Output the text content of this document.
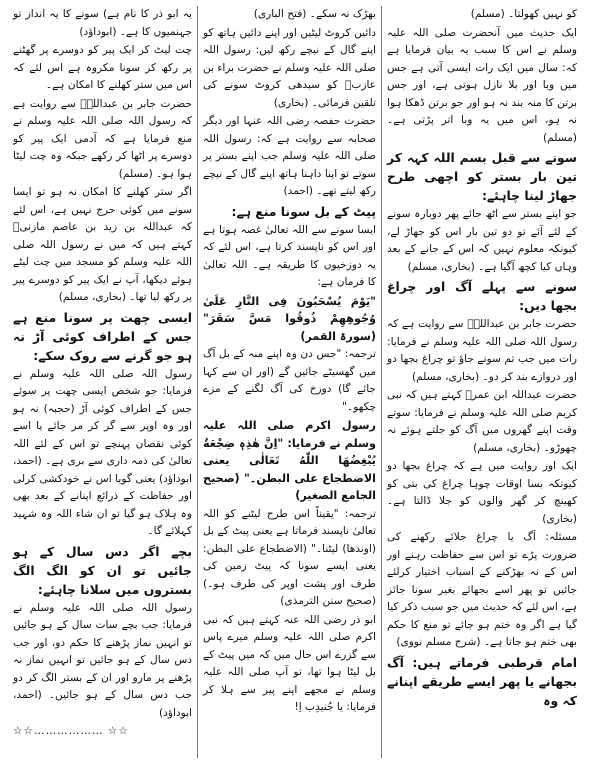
کو نہیں کھولتا۔ (مسلم)

ایک حدیث میں آنحضرت صلی اللہ علیہ وسلم نے اس کا سبب یہ بیان فرمایا ہے کہ: سال میں ایک رات ایسی آتی ہے جس میں وبا اور بلا نازل ہوتی ہے، اور جس برتن کا منہ بند نہ ہو اور جو برتن ڈھکا ہوا نہ ہو، اس میں یہ وبا اتر پڑتی ہے۔ (مسلم)

سونے سے قبل بسم اللہ کہہ کر تین بار بستر کو اچھی طرح جھاڑ لینا چاہئے:

جو اپنے بستر سے اٹھ جائے پھر دوبارہ سونے کے لئے آئے تو دو تین بار اس کو جھاڑ لے، کیونکہ معلوم نہیں کہ اس کے جانے کے بعد وہاں کیا کچھ آگیا ہے۔ (بخاری، مسلم)

سونے سے پہلے آگ اور چراغ بجھا دیں:

حضرت جابر بن عبداللہؓ سے روایت ہے کہ رسول اللہ صلی اللہ علیہ وسلم نے فرمایا: رات میں جب تم سونے جاؤ تو چراغ بجھا دو اور دروازے بند کر دو۔ (بخاری، مسلم)

حضرت عبداللہ ابن عمرؓ کہتے ہیں کہ نبی کریم صلی اللہ علیہ وسلم نے فرمایا: سوتے وقت اپنے گھروں میں آگ کو جلتے ہوئے نہ چھوڑو۔ (بخاری، مسلم)

ایک اور روایت میں ہے کہ چراغ بجھا دو کیونکہ بسا اوقات چوہا چراغ کی بتی کو کھینچ کر گھر والوں کو جلا ڈالتا ہے۔ (بخاری)

مسئلہ: آگ یا چراغ جلائے رکھنے کی ضرورت پڑے تو اس سے حفاظت رہنے اور اس کے نہ بھڑکنے کے اسباب اختیار کرلئے جائیں تو پھر اسے بجھائے بغیر سونا جائز ہے، اس لئے کہ حدیث میں جو سبب ذکر کیا گیا ہے اگر وہ ختم ہو جائے تو منع کا حکم بھی ختم ہو جاتا ہے۔ (شرح مسلم نووی)

امام قرطبی فرماتے ہیں: آگ بجھانے یا پھر ایسے طریقے اپنانے کہ وہ

بھڑک نہ سکے۔ (فتح الباری)

دائیں کروٹ لیٹیں اور اپنے دائیں ہاتھ کو اپنے گال کے نیچے رکھ لیں: رسول اللہ صلی اللہ علیہ وسلم نے حضرت براء بن عازبؓ کو سیدھی کروٹ سونے کی تلقین فرمائی۔ (بخاری)

حضرت حفصہ رضی اللہ عنہا اور دیگر صحابہ سے روایت ہے کہ: رسول اللہ صلی اللہ علیہ وسلم جب اپنے بستر پر سوتے تو اپنا داہنا ہاتھ اپنے گال کے نیچے رکھ لیتے تھے۔ (احمد)

پیٹ کے بل سونا منع ہے:

ایسا سونے سے اللہ تعالیٰ غصہ ہوتا ہے اور اس کو ناپسند کرتا ہے، اس لئے کہ یہ دوزخیوں کا طریقہ ہے۔ اللہ تعالیٰ کا فرمان ہے:

"یَوْمَ یُسْحَبُونَ فِی النَّارِ عَلَیٰ وُجُوهِهِمْ ذُوقُوا مَسَّ سَقَرَ" (سورۃ القمر)

ترجمہ: "جس دن وہ اپنے منہ کے بل آگ میں گھسیٹے جائیں گے (اور ان سے کہا جائے گا) دوزخ کی آگ لگنے کے مزے چکھو۔"

رسول اکرم صلی اللہ علیہ وسلم نے فرمایا: "اِنَّ هٰذِهٖ ضِجْعَةٌ یُبْغِضُهَا اللّٰهُ تَعَالٰی یعنی الاضطجاع علی البطن۔" (صحیح الجامع الصغیر)

ترجمہ: "یقیناً اس طرح لیٹنے کو اللہ تعالیٰ ناپسند فرماتا ہے یعنی پیٹ کے بل (اوندھا) لیٹنا۔" (الاضطجاع علی البطن: یعنی ایسے سونا کہ پیٹ زمین کی طرف اور پشت اوپر کی طرف ہو۔) (صحیح سنن الترمذی)

ابو ذر رضی اللہ عنہ کہتے ہیں کہ نبی اکرم صلی اللہ علیہ وسلم میرے پاس سے گزرے اس حال میں کہ میں پیٹ کے بل لیٹا ہوا تھا، تو آپ صلی اللہ علیہ وسلم نے مجھے اپنے پیر سے ہلا کر فرمایا: یا جُنیدِب اِ!

یہ ابو ذر کا نام ہے) سونے کا یہ انداز تو جہنمیوں کا ہے۔ (ابوداؤد)

چت لیٹ کر ایک پیر کو دوسرے پر گھٹنے پر رکھ کر سونا مکروہ ہے اس لئے کہ اس میں ستر کھلنے کا امکان ہے۔

حضرت جابر بن عبداللہؓ سے روایت ہے کہ رسول اللہ صلی اللہ علیہ وسلم نے منع فرمایا ہے کہ آدمی ایک پیر کو دوسرے پر اٹھا کر رکھے جبکہ وہ چت لیٹا ہوا ہو۔ (مسلم)

اگر ستر کھلنے کا امکان نہ ہو تو ایسا سونے میں کوئی حرج نہیں ہے، اس لئے کہ عبداللہ بن زید بن عاصم مازنیؓ کہتے ہیں کہ میں نے رسول اللہ صلی اللہ علیہ وسلم کو مسجد میں چت لیٹے ہوئے دیکھا، آپ نے ایک پیر کو دوسرے پیر پر رکھ لیا تھا۔ (بخاری، مسلم)

ایسی چھت پر سونا منع ہے جس کے اطراف کوئی آڑ نہ ہو جو گرنے سے روک سکے:

رسول اللہ صلی اللہ علیہ وسلم نے فرمایا: جو شخص ایسی چھت پر سوئے جس کے اطراف کوئی آڑ (حجبہ) نہ ہو اور وہ اوپر سے گر کر مر جائے یا اسے کوئی نقصان پہنچے تو اس کے لئے اللہ تعالیٰ کی ذمہ داری سے بری ہے۔ (احمد، ابوداؤد) یعنی گویا اس نے خودکشی کرلی اور حفاظت کے ذرائع اپنانے کے بعد بھی وہ ہلاک ہو گیا تو ان شاء اللہ وہ شہید کہلائے گا۔

بچے اگر دس سال کے ہو جائیں تو ان کو الگ الگ بستروں میں سلانا چاہئے:

رسول اللہ صلی اللہ علیہ وسلم نے فرمایا: جب بچے سات سال کے ہو جائیں تو انہیں نماز پڑھنے کا حکم دو، اور جب دس سال کے ہو جائیں تو انہیں نماز نہ پڑھنے پر مارو اور ان کے بستر الگ کر دو جب دس سال کے ہو جائیں۔ (احمد، ابوداؤد)

☆☆ ………………☆☆
